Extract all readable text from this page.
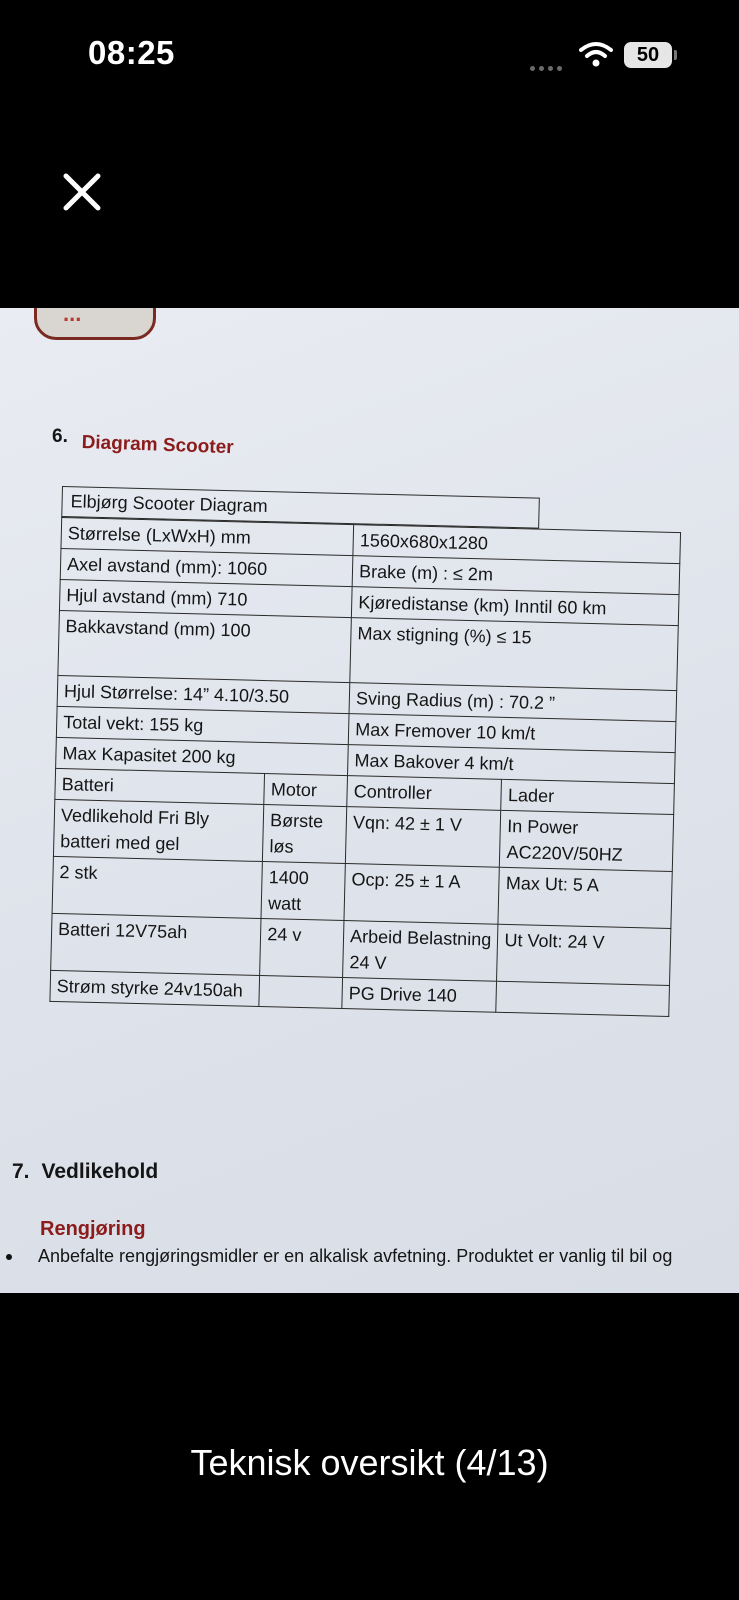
08:25	50
...
6. Diagram Scooter
Elbjørg Scooter Diagram
Størrelse (LxWxH) mm		1560x680x1280	
Axel avstand (mm): 1060		Brake (m) : ≤ 2m	
Hjul avstand (mm) 710		Kjøredistanse (km) Inntil 60 km	
Bakkavstand (mm) 100		Max stigning (%) ≤ 15	
Hjul Størrelse: 14” 4.10/3.50		Sving Radius (m) : 70.2 ”	
Total vekt: 155 kg		Max Fremover 10 km/t	
Max Kapasitet 200 kg		Max Bakover 4 km/t	
Batteri	Motor	Controller	Lader
Vedlikehold Fri Bly batteri med gel	Børste løs	Vqn: 42 ± 1 V	In Power AC220V/50HZ
2 stk	1400 watt	Ocp: 25 ± 1 A	Max Ut: 5 A
Batteri 12V75ah	24 v	Arbeid Belastning 24 V	Ut Volt: 24 V
Strøm styrke 24v150ah		PG Drive 140	
7. Vedlikehold
Rengjøring
Anbefalte rengjøringsmidler er en alkalisk avfetning. Produktet er vanlig til bil og
Teknisk oversikt (4/13)
